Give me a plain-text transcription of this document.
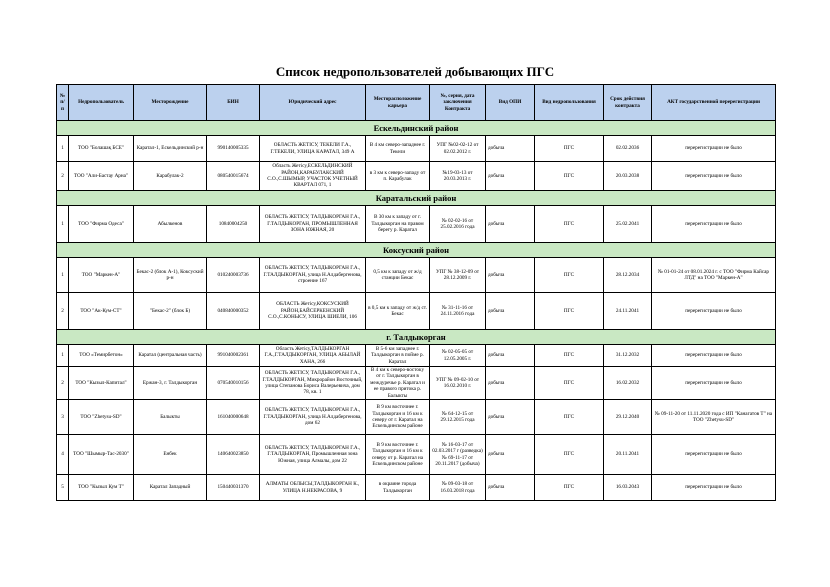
Список недропользователей добывающих ПГС
№ п/п	Недропользователь	Месторождение	БИН	Юридический адрес	Месторасположение карьера	№, серия, дата заключения Контракта	Вид ОПИ	Вид недропользования	Срок действия контракта	АКТ государственной перерегистрации
Ескельдинский район										
1	ТОО "Болашақ БСЕ"	Каратал-1, Ескельдинский р-н	990140005335	ОБЛАСТЬ ЖЕТІСУ, ТЕКЕЛИ Г.А., Г.ТЕКЕЛИ, УЛИЦА КАРАТАЛ, 349 А	В 4 км северо-западнее г. Текели	УПГ №02-02-12 от 02.02.2012 г.	добыча	ПГС	02.02.2036	перерегистрации не было
2	ТОО "Али-Бастау Арна"	Карабулак-2	080540015674	Область Жетісу,ЕСКЕЛЬДИНСКИЙ РАЙОН,КАРАБУЛАКСКИЙ С.О.,С.ШЫМЫР, УЧАСТОК УЧЕТНЫЙ КВАРТАЛ 071, 1	в 3 км к северо-западу от п. Карабулак	№19-03-13 от 20.03.2013 г.	добыча	ПГС	20.03.2038	перерегистрации не было
Каратальский район										
1	ТОО "Фирма Одеса"	Абылкенов	10840004250	ОБЛАСТЬ ЖЕТІСУ, ТАЛДЫКОРГАН Г.А., Г.ТАЛДЫКОРГАН, ПРОМЫШЛЕННАЯ ЗОНА ЮЖНАЯ, 20	В 30 км к западу от г. Талдыкорган на правом берегу р. Каратал	№ 02-02-16 от 25.02.2016 года	добыча	ПГС	25.02.2041	перерегистрации не было
Коксуский район										
1	ТОО "Маркен-А"	Бекас-2 (блок А-1), Коксуский р-н	010240003736	ОБЛАСТЬ ЖЕТІСУ, ТАЛДЫКОРГАН Г.А., Г.ТАЛДЫКОРГАН, улица Н.Алдабергенова, строение 167	0,5 км к западу от ж/д станции Бекас	УПГ № 38-12-09 от 28.12.2009 г.	добыча	ПГС	28.12.2034	№ 01-01-24 от 08.01.2024 г. с ТОО "Фирма Кайсар ЛТД" на ТОО "Маркен-А"
2	ТОО "Ак-Кум-СТ"	"Бекас-2" (блок Б)	040840000352	ОБЛАСТЬ Жетісу,КОКСУСКИЙ РАЙОН,БАЙСЕРКЕНСКИЙ С.О.,С.КОНЫСУ, УЛИЦА ШИЕЛИ, 106	в 0,5 км к западу от ж/д ст. Бекас	№ 31-11-16 от 24.11.2016 года	добыча	ПГС	24.11.2041	перерегистрации не было
г. Талдыкорган										
1	ТОО «Темирбетон»	Каратал (центральная часть)	991040002361	Область Жетісу,ТАЛДЫКОРГАН Г.А.,Г.ТАЛДЫКОРГАН, УЛИЦА АБЫЛАЙ ХАНА, 266	В 5-6 км западнее г. Талдыкорган в пойме р. Каратал	№ 02-05-05 от 12.05.2005 г.	добыча	ПГС	31.12.2032	перерегистрации не было
2	ТОО "Кызыл-Капитал"	Ержан-3, г. Талдыкорган	070540010156	ОБЛАСТЬ ЖЕТІСУ, ТАЛДЫКОРГАН Г.А., Г.ТАЛДЫКОРГАН, Микрорайон Восточный, улица Степанова Бориса Валерьевича, дом 78, кв. 1	В 4 км к северо-востоку от г. Талдыкорган в междуречье р. Каратал и ее правого притока р. Балыкты	УПГ № 09-02-10 от 16.02.2010 г.	добыча	ПГС	16.02.2032	перерегистрации не было
3	ТОО "Zhetysu-SD"	Балыкты	161040000648	ОБЛАСТЬ ЖЕТІСУ, ТАЛДЫКОРГАН Г.А., Г.ТАЛДЫКОРГАН, улица Н.Алдабергенова, дом 62	В 9 км восточнее г. Талдыкорган и 16 км к северу от г. Каратал на Ескельдинском районе	№ 64-12-15 от 29.12.2015 года	добыча	ПГС	29.12.2040	№ 09-11-20 от 11.11.2020 года с ИП "Канагатов Т" на ТОО "Zhetysu-SD"
4	ТОО "Шымыр-Тас-2030"	Енбек	140640023850	ОБЛАСТЬ ЖЕТІСУ, ТАЛДЫКОРГАН Г.А., Г.ТАЛДЫКОРГАН, Промышленная зона Южная, улица Алмалы, дом 22	В 9 км восточнее г. Талдыкорган и 16 км к северу от р. Каратал на Ескельдинском районе	№ 16-03-17 от 02.03.2017 г (разведка) № 69-11-17 от 20.11.2017 (добыча)	добыча	ПГС	20.11.2041	перерегистрации не было
5	ТОО "Кызыл Кум Т"	Каратал Западный	150440031370	АЛМАТЫ ОБЛЫСЫ,ТАЛДЫКОРГАН К., УЛИЦА Н.НЕКРАСОВА, 9	в окраине города Талдыкорган	№ 09-03-18 от 16.03.2018 года	добыча	ПГС	16.03.2043	перерегистрации не было
